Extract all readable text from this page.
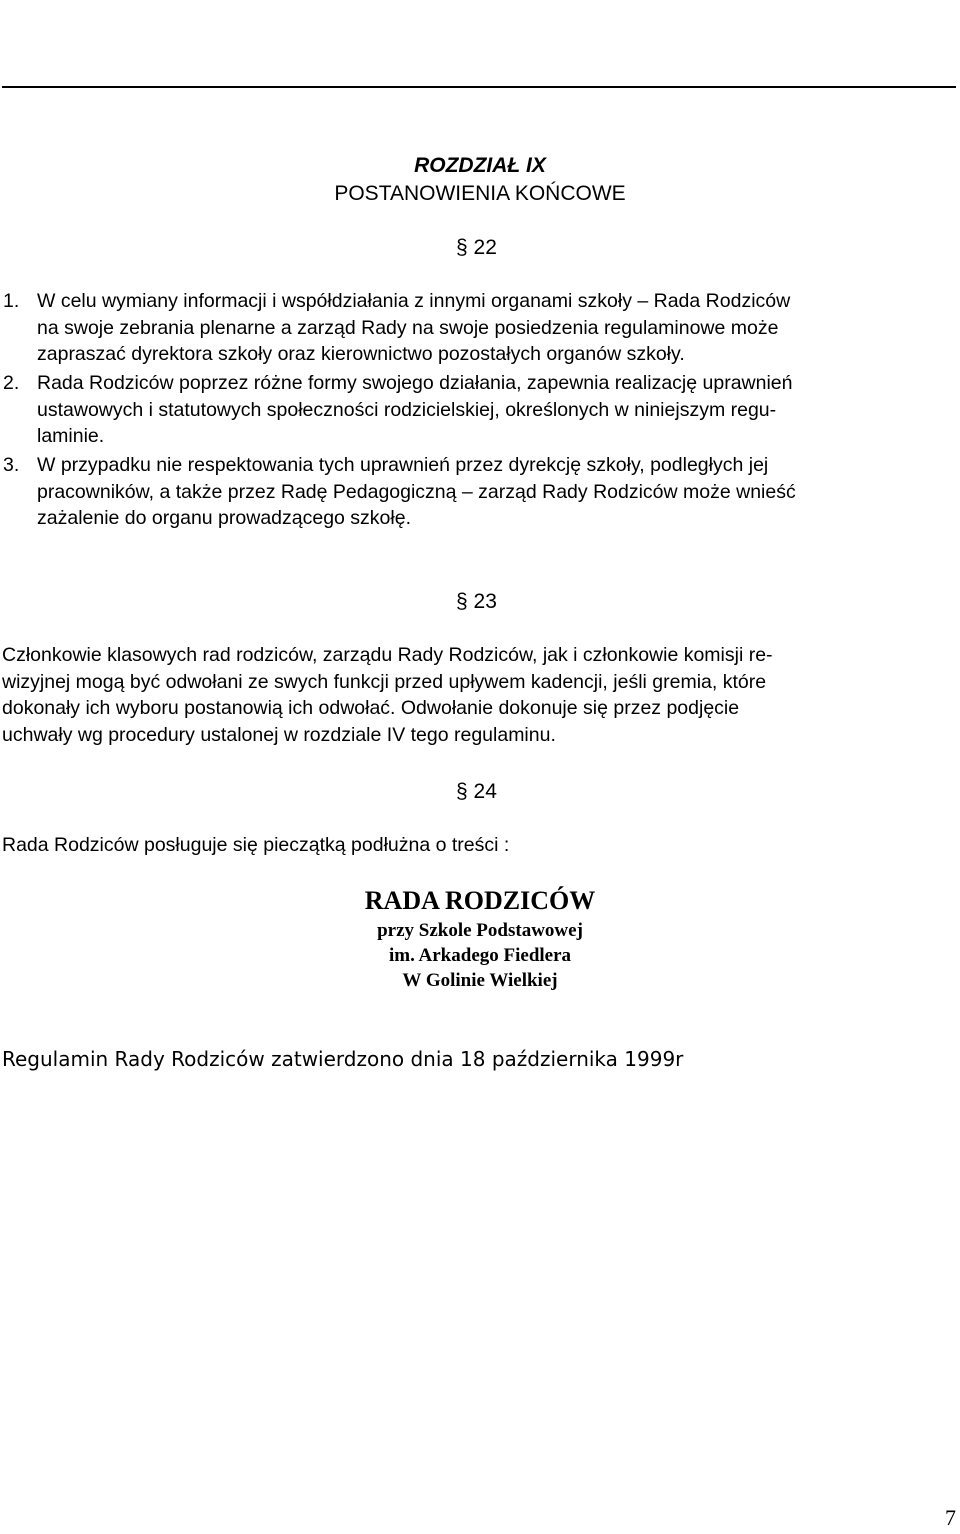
Szkoła Podstawowa im. Arkadego Fiedlera w Golinie Wielkiej
Golina Wielka 65a, 63-940 Bojanowo, woj. Wielkopolskie tel.(065)54 56 824, tel/fax(065)54 57 675
NIP 699-12-90-320, Regon 410228823
E-mail: spgolina@wp.pl, http://republika.pl/spgolina
ROZDZIAŁ IX
POSTANOWIENIA KOŃCOWE
§ 22
1. W celu wymiany informacji i współdziałania z innymi organami szkoły – Rada Rodziców
na swoje zebrania plenarne a zarząd Rady na swoje posiedzenia regulaminowe może
zapraszać dyrektora szkoły oraz kierownictwo pozostałych organów szkoły.
2. Rada Rodziców poprzez różne formy swojego działania, zapewnia realizację uprawnień
ustawowych i statutowych społeczności rodzicielskiej, określonych w niniejszym regu-
laminie.
3. W przypadku nie respektowania tych uprawnień przez dyrekcję szkoły, podległych jej
pracowników, a także przez Radę Pedagogiczną – zarząd Rady Rodziców może wnieść
zażalenie do organu prowadzącego szkołę.
§ 23
Członkowie klasowych rad rodziców, zarządu Rady Rodziców, jak i członkowie komisji re-
wizyjnej mogą być odwołani ze swych funkcji przed upływem kadencji, jeśli gremia, które
dokonały ich wyboru postanowią ich odwołać. Odwołanie dokonuje się przez podjęcie
uchwały wg procedury ustalonej w rozdziale IV tego regulaminu.
§ 24
Rada Rodziców posługuje się pieczątką podłużna o treści :
RADA RODZICÓW
przy Szkole Podstawowej
im. Arkadego Fiedlera
W Golinie Wielkiej
Regulamin Rady Rodziców zatwierdzono dnia 18 października 1999r
7
